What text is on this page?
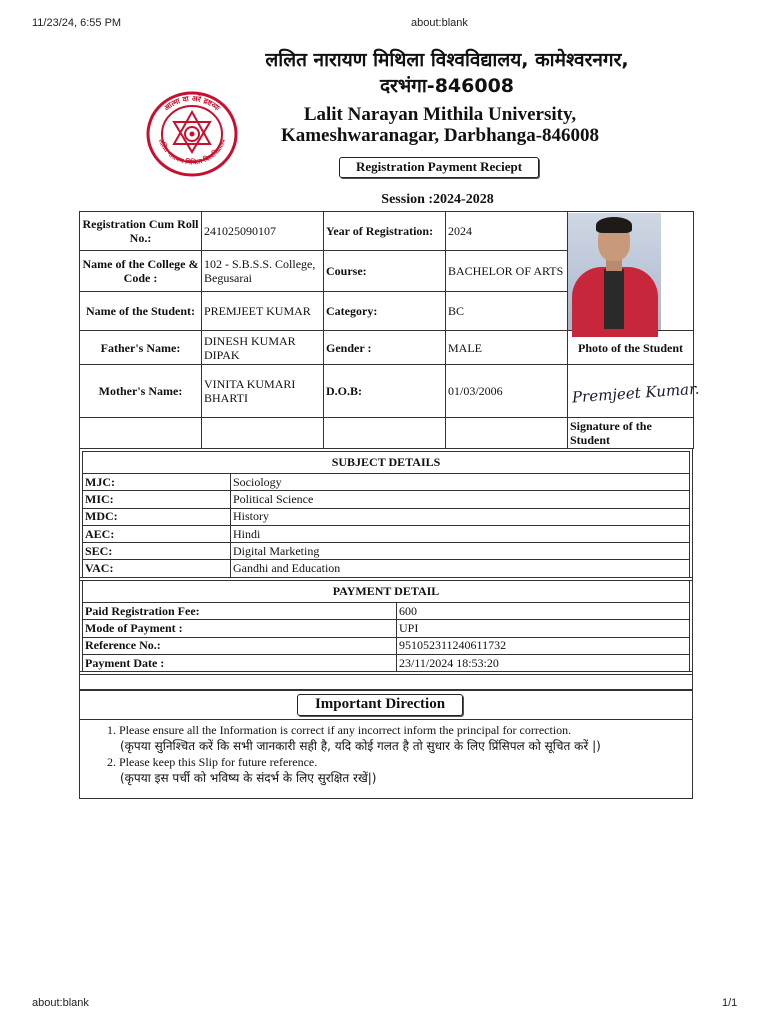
11/23/24, 6:55 PM	about:blank
about:blank	1/1
आत्मा वा अरे द्रष्टव्यः
ललित नारायण मिथिला विश्वविद्यालय
ललित नारायण मिथिला विश्वविद्यालय, कामेश्वरनगर,
दरभंगा-846008
Lalit Narayan Mithila University,
Kameshwaranagar, Darbhanga-846008
Registration Payment Reciept
Session :2024-2028
Registration Cum Roll No.:	241025090107	Year of Registration:	2024	

Name of the College & Code :	102 - S.B.S.S. College, Begusarai	Course:	BACHELOR OF ARTS	
Name of the Student:	PREMJEET KUMAR	Category:	BC	
Father's Name:	DINESH KUMAR DIPAK	Gender :	MALE	Photo of the Student
Mother's Name:	VINITA KUMARI BHARTI	D.O.B:	01/03/2006	Premjeet Kumar.

				Signature of the Student
SUBJECT DETAILS	
MJC:	Sociology
MIC:	Political Science
MDC:	History
AEC:	Hindi
SEC:	Digital Marketing
VAC:	Gandhi and Education
PAYMENT DETAIL	
Paid Registration Fee:	600
Mode of Payment :	UPI
Reference No.:	951052311240611732
Payment Date :	23/11/2024 18:53:20
Important Direction
1. Please ensure all the Information is correct if any incorrect inform the principal for correction.
(कृपया सुनिश्चित करें कि सभी जानकारी सही है, यदि कोई गलत है तो सुधार के लिए प्रिंसिपल को सूचित करें |)
2. Please keep this Slip for future reference.
(कृपया इस पर्ची को भविष्य के संदर्भ के लिए सुरक्षित रखें|)
